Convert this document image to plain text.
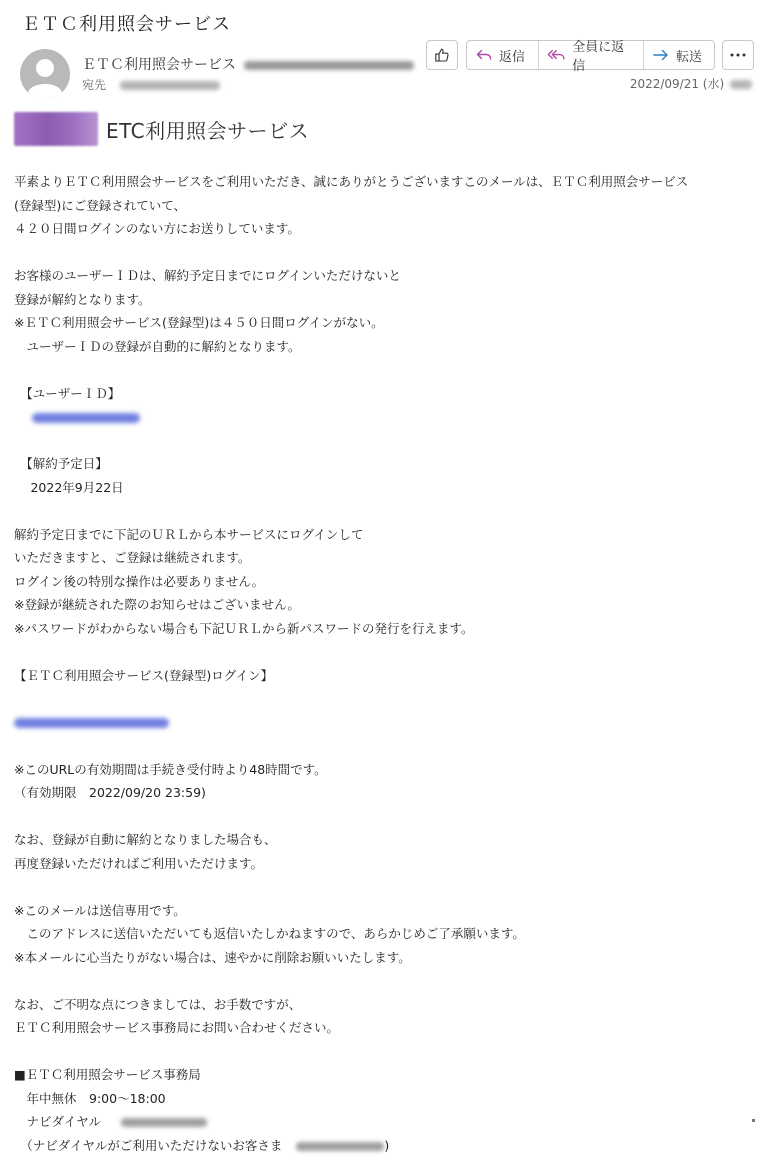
ＥＴＣ利用照会サービス
ＥＴＣ利用照会サービス
宛先	2022/09/21 (水)
返信
全員に返信
転送
ETC利用照会サービス

平素よりＥＴＣ利用照会サービスをご利用いただき、誠にありがとうございますこのメールは、ＥＴＣ利用照会サービス

(登録型)にご登録されていて、

４２０日間ログインのない方にお送りしています。

お客様のユーザーＩＤは、解約予定日までにログインいただけないと

登録が解約となります。

※ＥＴＣ利用照会サービス(登録型)は４５０日間ログインがない。

　ユーザーＩＤの登録が自動的に解約となります。

　【ユーザーＩＤ】

　【解約予定日】

　 2022年9月22日

解約予定日までに下記のＵＲＬから本サービスにログインして

いただきますと、ご登録は継続されます。

ログイン後の特別な操作は必要ありません。

※登録が継続された際のお知らせはございません。

※パスワードがわからない場合も下記ＵＲＬから新パスワードの発行を行えます。

【ＥＴＣ利用照会サービス(登録型)ログイン】

※このURLの有効期間は手続き受付時より48時間です。

（有効期限　2022/09/20 23:59)

なお、登録が自動に解約となりました場合も、

再度登録いただければご利用いただけます。

※このメールは送信専用です。

　このアドレスに送信いただいても返信いたしかねますので、あらかじめご了承願います。

※本メールに心当たりがない場合は、速やかに削除お願いいたします。

なお、ご不明な点につきましては、お手数ですが、

ＥＴＣ利用照会サービス事務局にお問い合わせください。

■ＥＴＣ利用照会サービス事務局

　年中無休　9:00～18:00

　ナビダイヤル

　（ナビダイヤルがご利用いただけないお客さま	)
